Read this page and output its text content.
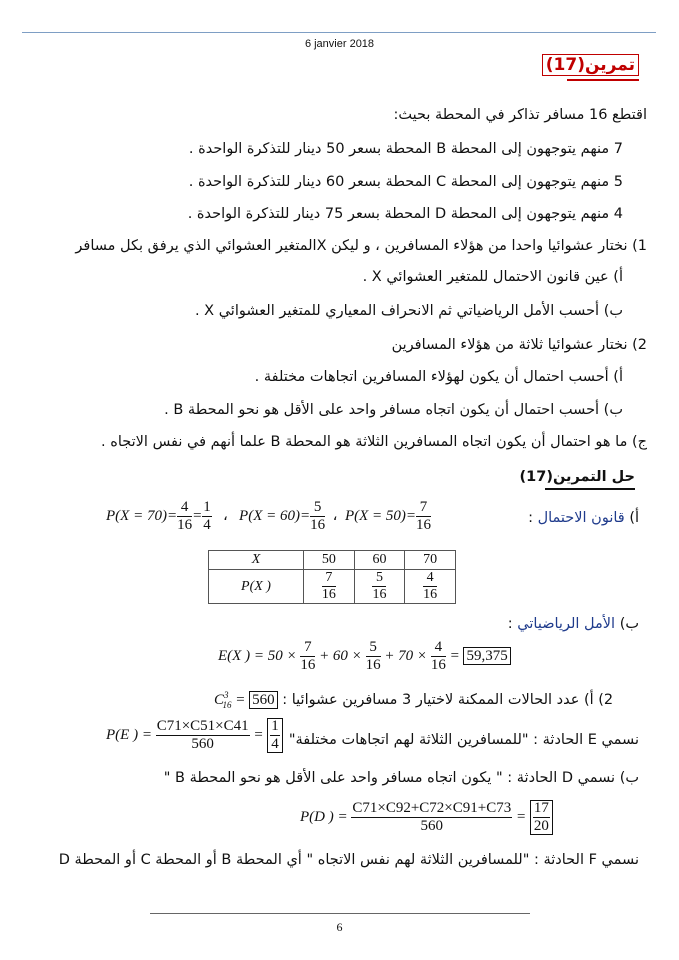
6 janvier 2018
تمرين(17)
اقتطع 16 مسافر تذاكر في المحطة بحيث:
7 منهم يتوجهون إلى المحطة B المحطة بسعر 50 دينار للتذكرة الواحدة .
5 منهم يتوجهون إلى المحطة C المحطة بسعر 60 دينار للتذكرة الواحدة .
4 منهم يتوجهون إلى المحطة D المحطة بسعر 75 دينار للتذكرة الواحدة .
1) نختار عشوائيا واحدا من هؤلاء المسافرين ، و ليكن Xالمتغير العشوائي الذي يرفق بكل مسافر
أ) عين قانون الاحتمال للمتغير العشوائي X .
ب) أحسب الأمل الرياضياتي ثم الانحراف المعياري للمتغير العشوائي X .
2) نختار عشوائيا ثلاثة من هؤلاء المسافرين
أ) أحسب احتمال أن يكون لهؤلاء المسافرين اتجاهات مختلفة .
ب) أحسب احتمال أن يكون اتجاه مسافر واحد على الأقل هو نحو المحطة B .
ج) ما هو احتمال أن يكون اتجاه المسافرين الثلاثة هو المحطة B علما أنهم في نفس الاتجاه .
حل التمرين(17)
أ) قانون الاحتمال :
$P(X = 70)= \frac{4}{16} = \frac{1}{4}$ ،   $P(X = 60)= \frac{5}{16}$ ،  $P(X = 50)= \frac{7}{16}$
X	50	60	70
P(X )	$\frac{7}{16}$	$\frac{5}{16}$	$\frac{4}{16}$
ب) الأمل الرياضياتي :
E(X ) = $50 \times \frac{7}{16} + 60 \times \frac{5}{16} + 70 \times \frac{4}{16} = 59,375$
$C^3_{16} = 560$ 2) أ) عدد الحالات الممكنة لاختيار 3 مسافرين عشوائيا :
P(E ) = $\frac{C71\times C51\times C41}{560} = \frac{1}{4}$ نسمي E الحادثة : "للمسافرين الثلاثة لهم اتجاهات مختلفة"
ب) نسمي D الحادثة : " يكون اتجاه مسافر واحد على الأقل هو نحو المحطة B "
P(D ) = $\frac{C71\times C92+C72\times C91+C73}{560} = \frac{17}{20}$
نسمي F الحادثة : "للمسافرين الثلاثة لهم نفس الاتجاه " أي المحطة B أو المحطة C أو المحطة D
6
